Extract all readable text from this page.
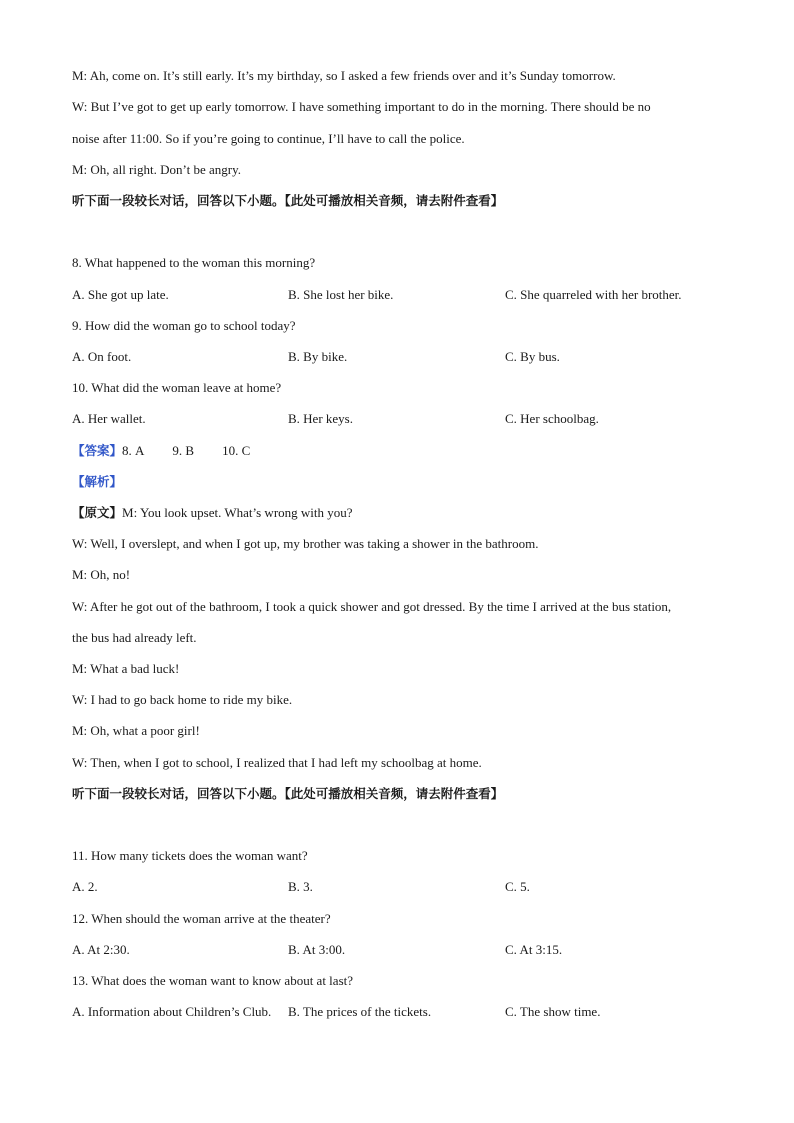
M: Ah, come on. It’s still early. It’s my birthday, so I asked a few friends over and it’s Sunday tomorrow.
W: But I’ve got to get up early tomorrow. I have something important to do in the morning. There should be no
noise after 11:00. So if you’re going to continue, I’ll have to call the police.
M: Oh, all right. Don’t be angry.
听下面一段较长对话，回答以下小题。【此处可播放相关音频，请去附件查看】
8. What happened to the woman this morning?
A. She got up late.	B. She lost her bike.	C. She quarreled with her brother.
9. How did the woman go to school today?
A. On foot.	B. By bike.	C. By bus.
10. What did the woman leave at home?
A. Her wallet.	B. Her keys.	C. Her schoolbag.
【答案】8. A 9. B 10. C
【解析】
【原文】M: You look upset. What’s wrong with you?
W: Well, I overslept, and when I got up, my brother was taking a shower in the bathroom.
M: Oh, no!
W: After he got out of the bathroom, I took a quick shower and got dressed. By the time I arrived at the bus station,
the bus had already left.
M: What a bad luck!
W: I had to go back home to ride my bike.
M: Oh, what a poor girl!
W: Then, when I got to school, I realized that I had left my schoolbag at home.
听下面一段较长对话，回答以下小题。【此处可播放相关音频，请去附件查看】
11. How many tickets does the woman want?
A. 2.	B. 3.	C. 5.
12. When should the woman arrive at the theater?
A. At 2:30.	B. At 3:00.	C. At 3:15.
13. What does the woman want to know about at last?
A. Information about Children’s Club. B. The prices of the tickets.	C. The show time.
